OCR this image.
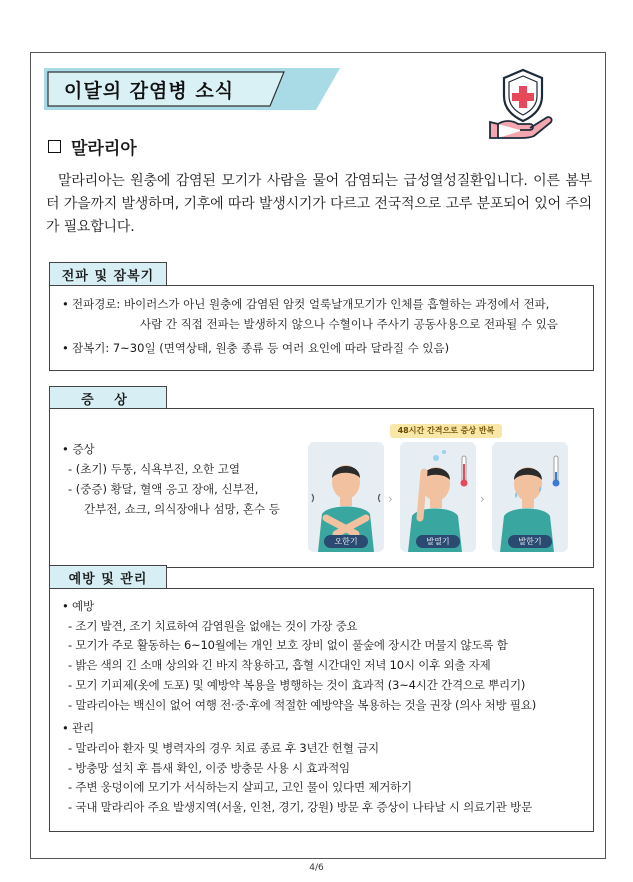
이달의 감염병 소식
말라리아

말라리아는 원충에 감염된 모기가 사람을 물어 감염되는 급성열성질환입니다. 이른 봄부터 가을까지 발생하며, 기후에 따라 발생시기가 다르고 전국적으로 고루 분포되어 있어 주의가 필요합니다.

전파 및 잠복기
• 전파경로:
바이러스가 아닌 원충에 감염된 암컷 얼룩날개모기가 인체를 흡혈하는 과정에서 전파,
사람 간 직접 전파는 발생하지 않으나 수혈이나 주사기 공동사용으로 전파될 수 있음
• 잠복기:
7~30일 (면역상태, 원충 종류 등 여러 요인에 따라 달라질 수 있음)
증 상
• 증상
- (초기) 두통, 식욕부진, 오한 고열
- (중증) 황달, 혈액 응고 장애, 신부전,
간부전, 쇼크, 의식장애나 섬망, 혼수 등
48시간 간격으로 증상 반복
오한기
›
발열기
›
발한기
예방 및 관리
• 예방
- 조기 발견, 조기 치료하여 감염원을 없애는 것이 가장 중요
- 모기가 주로 활동하는 6~10월에는 개인 보호 장비 없이 풀숲에 장시간 머물지 않도록 함
- 밝은 색의 긴 소매 상의와 긴 바지 착용하고, 흡혈 시간대인 저녁 10시 이후 외출 자제
- 모기 기피제(옷에 도포) 및 예방약 복용을 병행하는 것이 효과적 (3~4시간 간격으로 뿌리기)
- 말라리아는 백신이 없어 여행 전·중·후에 적절한 예방약을 복용하는 것을 권장 (의사 처방 필요)
• 관리
- 말라리아 환자 및 병력자의 경우 치료 종료 후 3년간 헌혈 금지
- 방충망 설치 후 틈새 확인, 이중 방충문 사용 시 효과적임
- 주변 웅덩이에 모기가 서식하는지 살피고, 고인 물이 있다면 제거하기
- 국내 말라리아 주요 발생지역(서울, 인천, 경기, 강원) 방문 후 증상이 나타날 시 의료기관 방문
4/6
